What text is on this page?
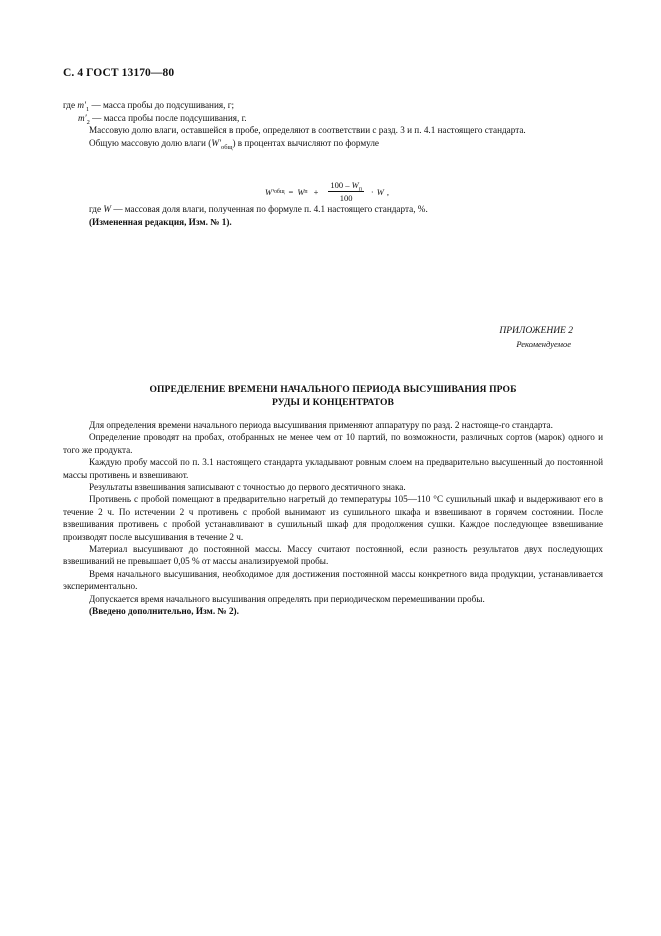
С. 4 ГОСТ 13170—80
где $m'_1$ — масса пробы до подсушивания, г;
$m'_2$ — масса пробы после подсушивания, г.
Массовую долю влаги, оставшейся в пробе, определяют в соответствии с разд. 3 и п. 4.1 настоящего стандарта.
Общую массовую долю влаги $(W'_{общ})$ в процентах вычисляют по формуле
где W — массовая доля влаги, полученная по формуле п. 4.1 настоящего стандарта, %.
(Измененная редакция, Изм. № 1).
W′ общ = W $п + \frac{100 - W_п}{100} \cdot W$ ,
ПРИЛОЖЕНИЕ 2
Рекомендуемое
ОПРЕДЕЛЕНИЕ ВРЕМЕНИ НАЧАЛЬНОГО ПЕРИОДА ВЫСУШИВАНИЯ ПРОБ
РУДЫ И КОНЦЕНТРАТОВ

Для определения времени начального периода высушивания применяют аппаратуру по разд. 2 настояще-го стандарта.

Определение проводят на пробах, отобранных не менее чем от 10 партий, по возможности, различных сортов (марок) одного и того же продукта.

Каждую пробу массой по п. 3.1 настоящего стандарта укладывают ровным слоем на предварительно высушенный до постоянной массы противень и взвешивают.

Результаты взвешивания записывают с точностью до первого десятичного знака.

Противень с пробой помещают в предварительно нагретый до температуры 105—110 °С сушильный шкаф и выдерживают его в течение 2 ч. По истечении 2 ч противень с пробой вынимают из сушильного шкафа и взвешивают в горячем состоянии. После взвешивания противень с пробой устанавливают в сушильный шкаф для продолжения сушки. Каждое последующее взвешивание производят после высушивания в течение 2 ч.

Материал высушивают до постоянной массы. Массу считают постоянной, если разность результатов двух последующих взвешиваний не превышает 0,05 % от массы анализируемой пробы.

Время начального высушивания, необходимое для достижения постоянной массы конкретного вида продукции, устанавливается экспериментально.

Допускается время начального высушивания определять при периодическом перемешивании пробы.

(Введено дополнительно, Изм. № 2).
